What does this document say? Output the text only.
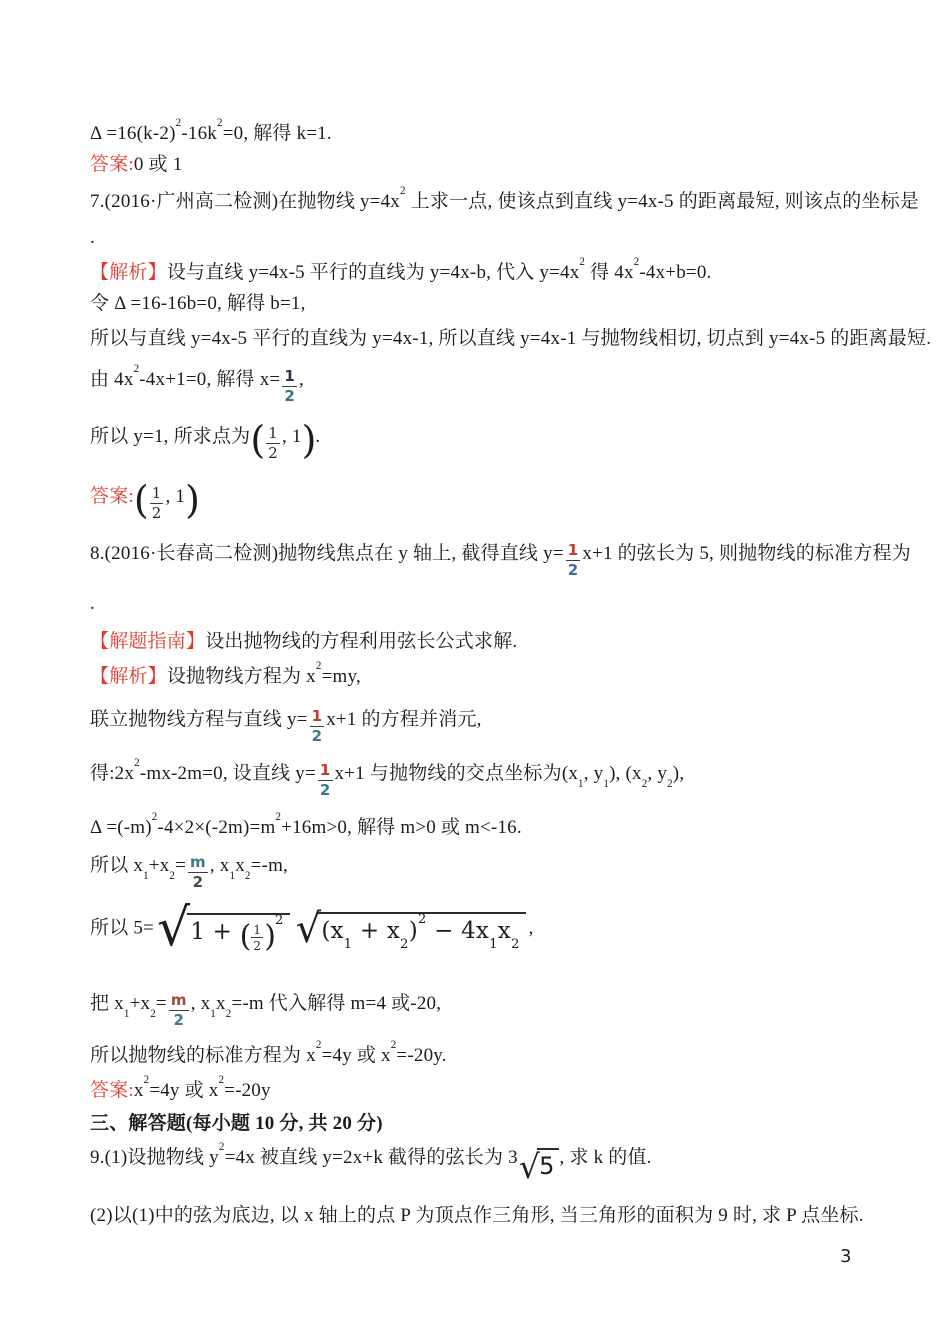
$\Delta =16(k-2)^2-16k^2=0$, 解得 k=1.
答案:0 或 1
7.(2016·广州高二检测)在抛物线 $y=4x^2$ 上求一点, 使该点到直线 y=4x-5 的距离最短, 则该点的坐标是
.
【解析】设与直线 y=4x-5 平行的直线为 y=4x-b, 代入 $y=4x^2$ 得 $4x^2-4x+b=0$.
令 Δ =16-16b=0, 解得 b=1,
所以与直线 y=4x-5 平行的直线为 y=4x-1, 所以直线 y=4x-1 与抛物线相切, 切点到 y=4x-5 的距离最短.
由 $4x^2-4x+1=0$, 解得 $x= \frac{1}{2}$ ,
所以 y=1, 所求点为( $\frac{1}{2}$ , 1).
答案:( $\frac{1}{2}$ , 1)
8.(2016·长春高二检测)抛物线焦点在 y 轴上, 截得直线 $y= \frac{1}{2} x+1$ 的弦长为 5, 则抛物线的标准方程为
.
【解题指南】设出抛物线的方程利用弦长公式求解.
【解析】设抛物线方程为 $x^2=my$,
联立抛物线方程与直线 $y= \frac{1}{2} x+1$ 的方程并消元,
得$:2x^2-mx-2m=0$, 设直线 $y= \frac{1}{2} x+1$ 与抛物线的交点坐标为($x_1$, $y_1$), ($x_2$, $y_2$),
$\Delta =(-m)^2-4\times 2\times(-2m)=m^2+16m>0$, 解得 m>0 或 m<-16.
所以 $x_1+x_2= \frac{m}{2}$ , $x_1x_2=-m$,
所以 5= √ 1 + ( $\frac{1}{2} )^2$ √ $(x_1 + x_2)^2 - 4x_1x_2$
,
把 $x_1+x_2= \frac{m}{2}$ , $x_1x_2=-m$ 代入解得 m=4 或-20,
所以抛物线的标准方程为 $x^2=4y$ 或 $x^2=-20y$.
答案$:x^2=4y$ 或 $x^2=-20y$
三、解答题(每小题 10 分, 共 20 分)
9.(1)设抛物线 $y^2=4x$ 被直线 y=2x+k 截得的弦长为 3 √ 5 , 求 k 的值.
(2)以(1)中的弦为底边, 以 x 轴上的点 P 为顶点作三角形, 当三角形的面积为 9 时, 求 P 点坐标.
3
